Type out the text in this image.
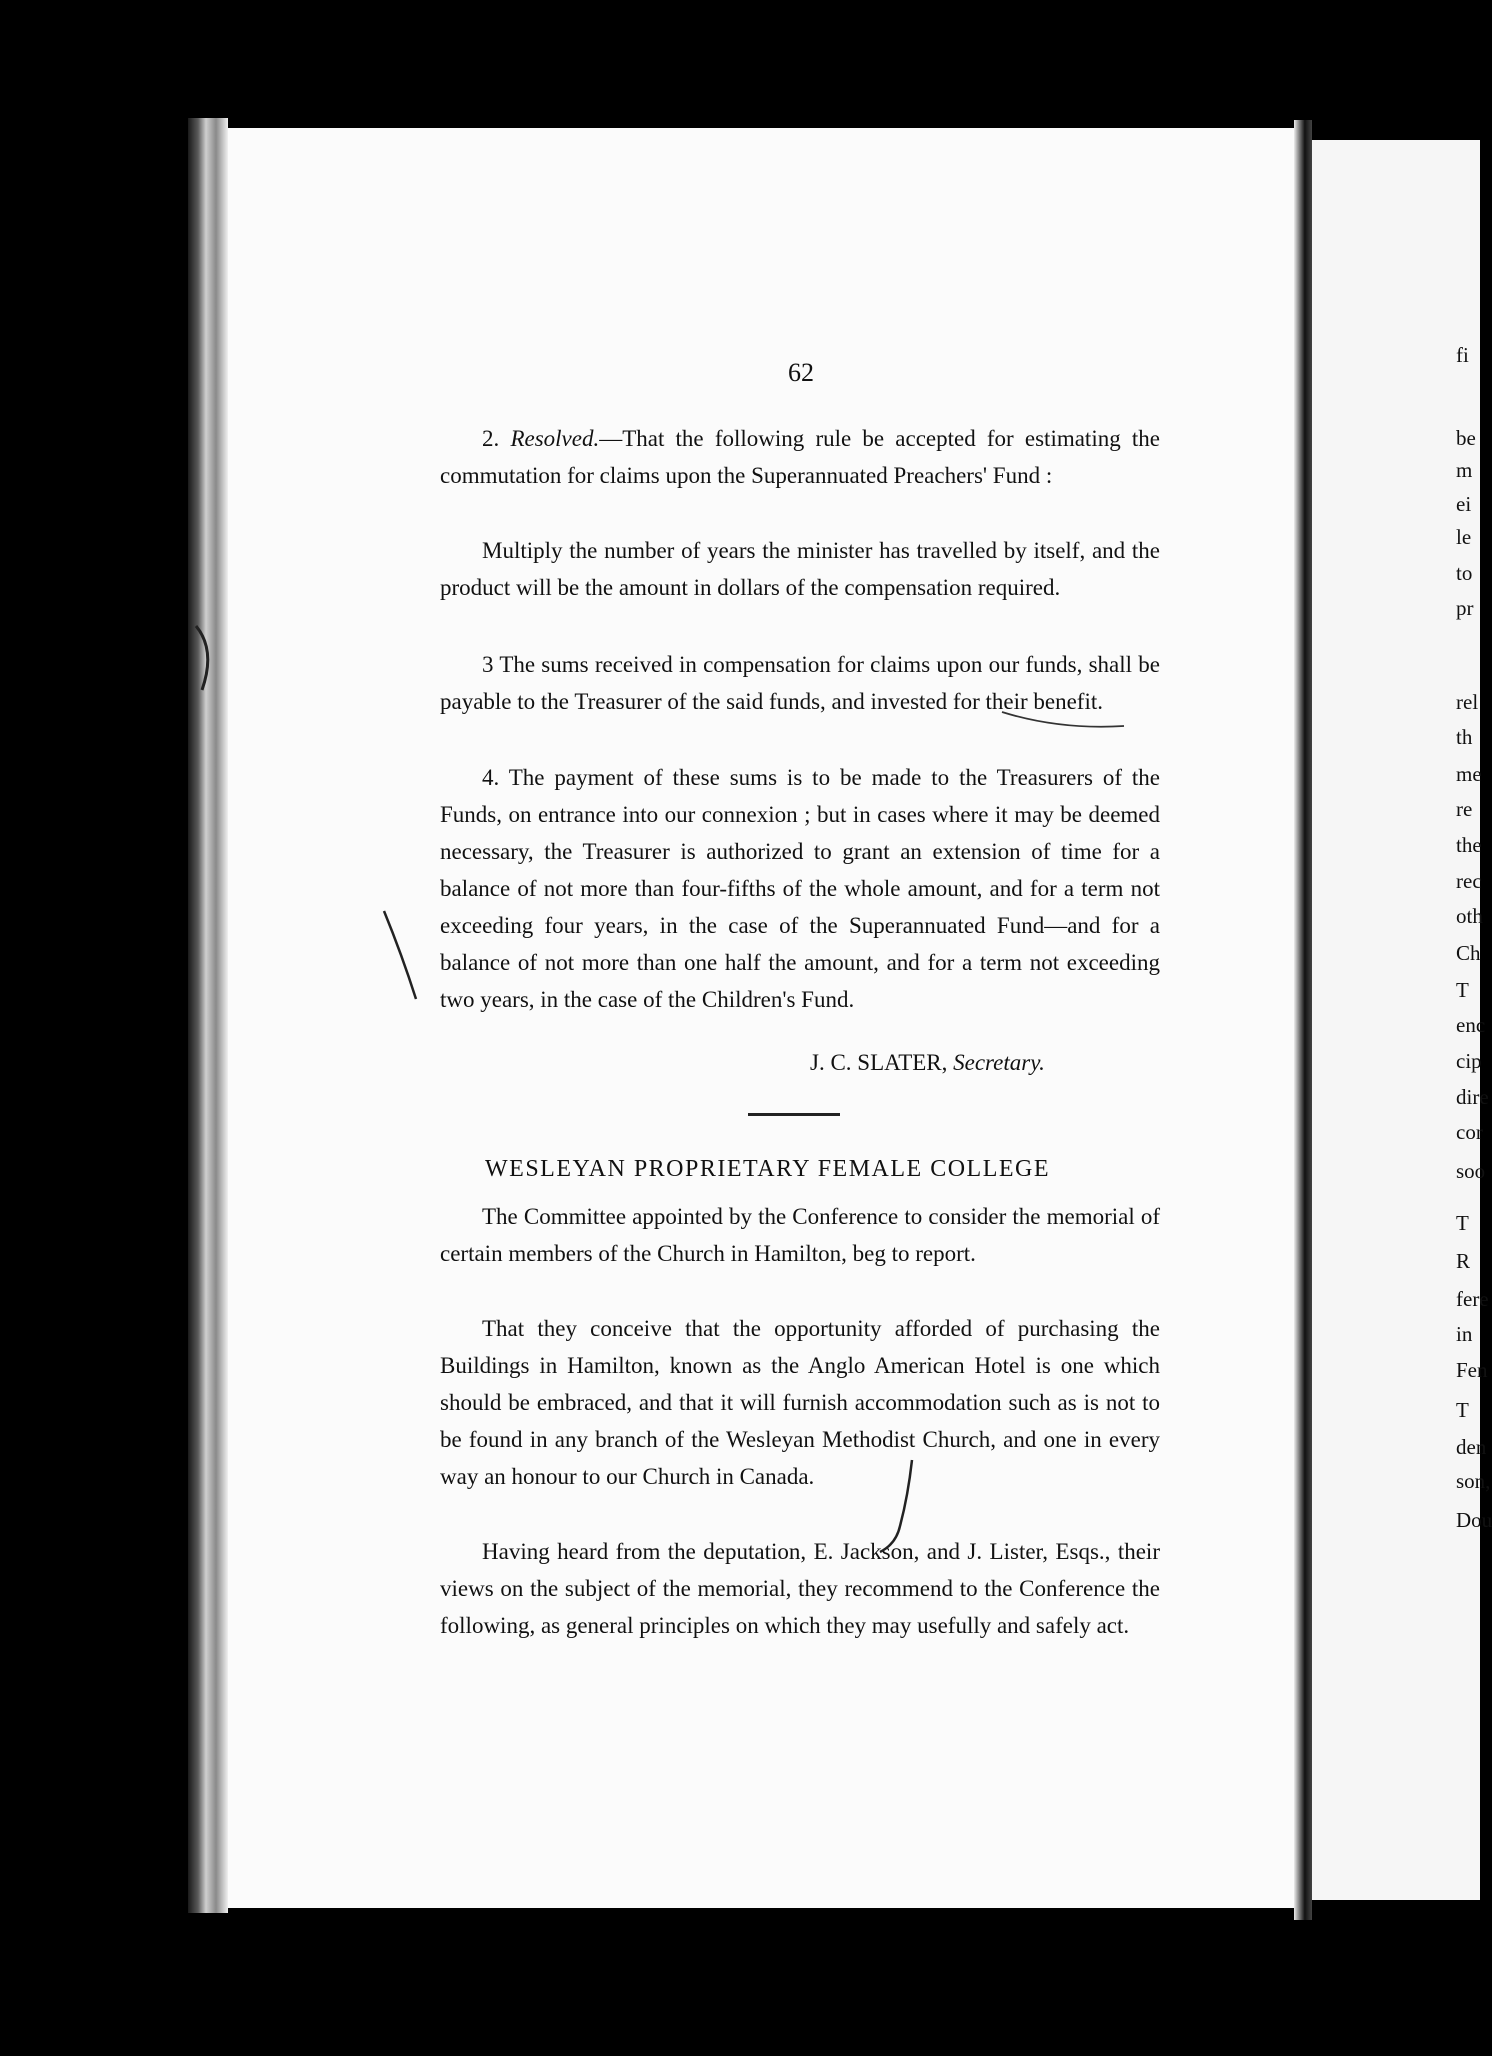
fi
be
m
ei
le
to
pr
rel
th
me
re
the
rec
oth
Ch
T
enc
cip
dire
cor
soo
T
R
fere
in
Fen
T
den
son,
Dou
62

2. Resolved.—That the following rule be accepted for estimating the commutation for claims upon the Superannuated Preachers' Fund :

Multiply the number of years the minister has travelled by itself, and the product will be the amount in dollars of the compensation required.

3 The sums received in compensation for claims upon our funds, shall be payable to the Treasurer of the said funds, and invested for their benefit.

4. The payment of these sums is to be made to the Treasurers of the Funds, on entrance into our connexion ; but in cases where it may be deemed necessary, the Treasurer is authorized to grant an extension of time for a balance of not more than four-fifths of the whole amount, and for a term not exceeding four years, in the case of the Superannuated Fund—and for a balance of not more than one half the amount, and for a term not exceeding two years, in the case of the Children's Fund.

J. C. SLATER, Secretary.
WESLEYAN PROPRIETARY FEMALE COLLEGE

The Committee appointed by the Conference to consider the memorial of certain members of the Church in Hamilton, beg to report.

That they conceive that the opportunity afforded of purchasing the Buildings in Hamilton, known as the Anglo American Hotel is one which should be embraced, and that it will furnish accommodation such as is not to be found in any branch of the Wesleyan Methodist Church, and one in every way an honour to our Church in Canada.

Having heard from the deputation, E. Jackson, and J. Lister, Esqs., their views on the subject of the memorial, they recommend to the Conference the following, as general principles on which they may usefully and safely act.
